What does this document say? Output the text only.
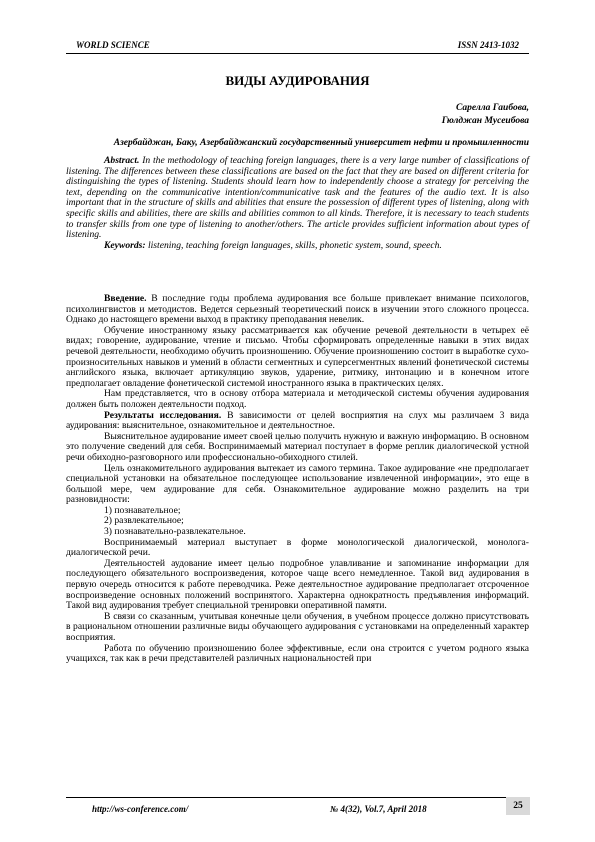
WORLD SCIENCE	ISSN 2413-1032
ВИДЫ АУДИРОВАНИЯ
Сарелла Гаибова,
Гюлджан Мусеибова
Азербайджан, Баку, Азербайджанский государственный университет нефти и промышленности

Abstract. In the methodology of teaching foreign languages, there is a very large number of classifications of listening. The differences between these classifications are based on the fact that they are based on different criteria for distinguishing the types of listening. Students should learn how to independently choose a strategy for perceiving the text, depending on the communicative intention/communicative task and the features of the audio text. It is also important that in the structure of skills and abilities that ensure the possession of different types of listening, along with specific skills and abilities, there are skills and abilities common to all kinds. Therefore, it is necessary to teach students to transfer skills from one type of listening to another/others. The article provides sufficient information about types of listening.

Keywords: listening, teaching foreign languages, skills, phonetic system, sound, speech.

Введение. В последние годы проблема аудирования все больше привлекает внимание психологов, психолингвистов и методистов. Ведется серьезный теоретический поиск в изучении этого сложного процесса. Однако до настоящего времени выход в практику преподавания невелик.

Обучение иностранному языку рассматривается как обучение речевой деятельности в четырех её видах; говорение, аудирование, чтение и письмо. Чтобы сформировать определенные навыки в этих видах речевой деятельности, необходимо обучить произношению. Обучение произношению состоит в выработке сухо-произносительных навыков и умений в области сегментных и суперсегментных явлений фонетической системы английского языка, включает артикуляцию звуков, ударение, ритмику, интонацию и в конечном итоге предполагает овладение фонетической системой иностранного языка в практических целях.

Нам представляется, что в основу отбора материала и методической системы обучения аудирования должен быть положен деятельности подход.

Результаты исследования. В зависимости от целей восприятия на слух мы различаем 3 вида аудирования: выяснительное, ознакомительное и деятельностное.

Выяснительное аудирование имеет своей целью получить нужную и важную информацию. В основном это получение сведений для себя. Воспринимаемый материал поступает в форме реплик диалогической устной речи обиходно-разговорного или профессионально-обиходного стилей.

Цель ознакомительного аудирования вытекает из самого термина. Такое аудирование «не предполагает специальной установки на обязательное последующее использование извлеченной информации», это еще в большой мере, чем аудирование для себя. Ознакомительное аудирование можно разделить на три разновидности:

1) познавательное;

2) развлекательное;

3) познавательно-развлекательное.

Воспринимаемый материал выступает в форме монологической диалогической, монолога-диалогической речи.

Деятельностей аудование имеет целью подробное улавливание и запоминание информации для последующего обязательного воспроизведения, которое чаще всего немедленное. Такой вид аудирования в первую очередь относится к работе переводчика. Реже деятельностное аудирование предполагает отсроченное воспроизведение основных положений воспринятого. Характерна однократность предъявления информаций. Такой вид аудирования требует специальной тренировки оперативной памяти.

В связи со сказанным, учитывая конечные цели обучения, в учебном процессе должно присутствовать в рациональном отношении различные виды обучающего аудирования с установками на определенный характер восприятия.

Работа по обучению произношению более эффективные, если она строится с учетом родного языка учащихся, так как в речи представителей различных национальностей при

http://ws-conference.com/	№ 4(32), Vol.7, April 2018	25
